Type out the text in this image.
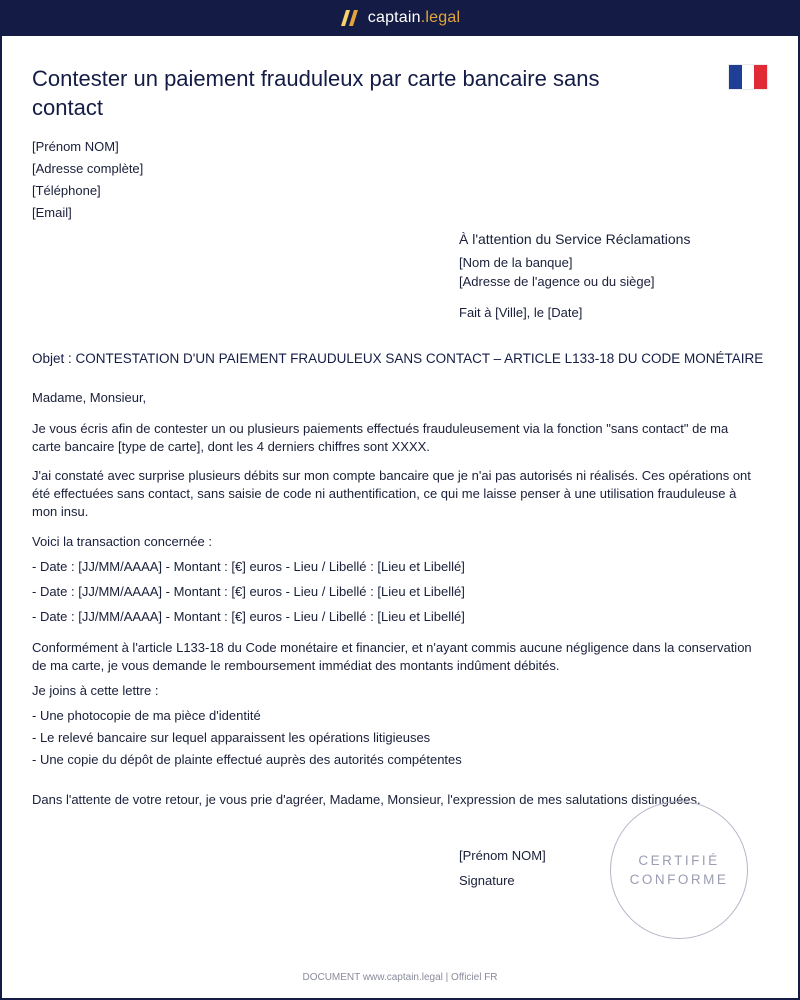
captain.legal
Contester un paiement frauduleux par carte bancaire sans contact
[Prénom NOM]
[Adresse complète]
[Téléphone]
[Email]
À l'attention du Service Réclamations
[Nom de la banque]
[Adresse de l'agence ou du siège]
Fait à [Ville], le [Date]
Objet : CONTESTATION D'UN PAIEMENT FRAUDULEUX SANS CONTACT – ARTICLE L133-18 DU CODE MONÉTAIRE
Madame, Monsieur,
Je vous écris afin de contester un ou plusieurs paiements effectués frauduleusement via la fonction "sans contact" de ma carte bancaire [type de carte], dont les 4 derniers chiffres sont XXXX.
J'ai constaté avec surprise plusieurs débits sur mon compte bancaire que je n'ai pas autorisés ni réalisés. Ces opérations ont été effectuées sans contact, sans saisie de code ni authentification, ce qui me laisse penser à une utilisation frauduleuse à mon insu.
Voici la transaction concernée :
- Date : [JJ/MM/AAAA] - Montant : [€] euros - Lieu / Libellé : [Lieu et Libellé]
- Date : [JJ/MM/AAAA] - Montant : [€] euros - Lieu / Libellé : [Lieu et Libellé]
- Date : [JJ/MM/AAAA] - Montant : [€] euros - Lieu / Libellé : [Lieu et Libellé]
Conformément à l'article L133-18 du Code monétaire et financier, et n'ayant commis aucune négligence dans la conservation de ma carte, je vous demande le remboursement immédiat des montants indûment débités.
Je joins à cette lettre :
- Une photocopie de ma pièce d'identité
- Le relevé bancaire sur lequel apparaissent les opérations litigieuses
- Une copie du dépôt de plainte effectué auprès des autorités compétentes
Dans l'attente de votre retour, je vous prie d'agréer, Madame, Monsieur, l'expression de mes salutations distinguées.
[Prénom NOM]
Signature
CERTIFIÉ
CONFORME
DOCUMENT www.captain.legal | Officiel FR
